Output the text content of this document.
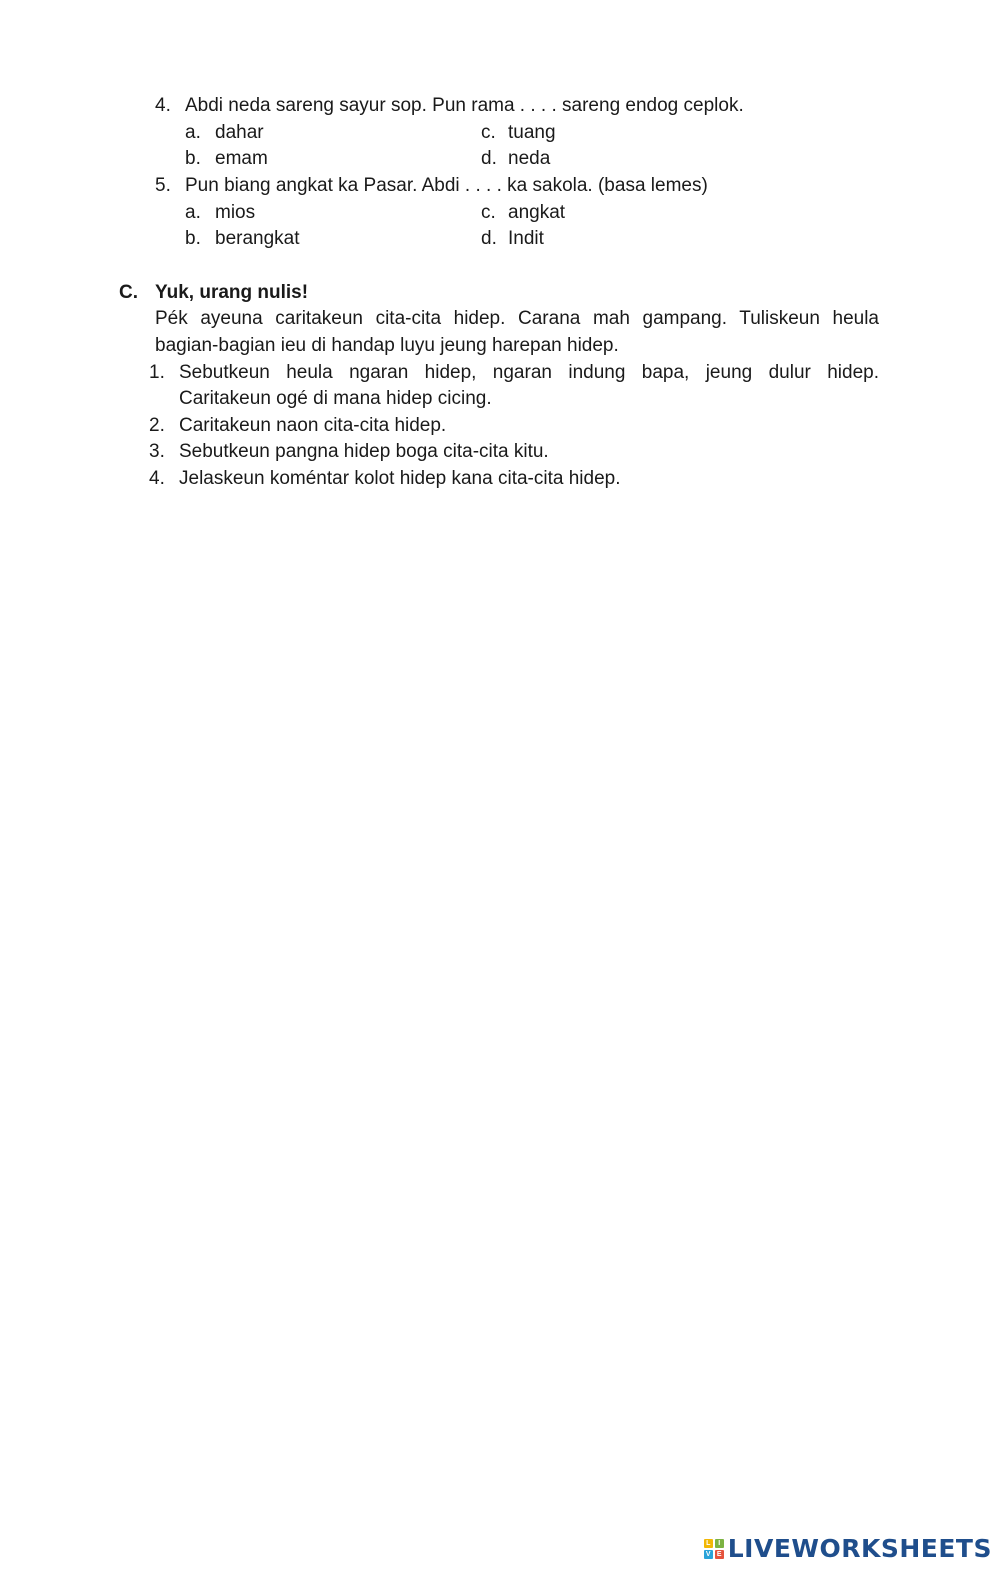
4. Abdi neda sareng sayur sop. Pun rama . . . . sareng endog ceplok.
a. dahar
b. emam
c. tuang
d. neda
5. Pun biang angkat ka Pasar. Abdi . . . . ka sakola. (basa lemes)
a. mios
b. berangkat
c. angkat
d. Indit
C. Yuk, urang nulis!
Pék ayeuna caritakeun cita-cita hidep. Carana mah gampang. Tuliskeun heula
bagian-bagian ieu di handap luyu jeung harepan hidep.
1. Sebutkeun heula ngaran hidep, ngaran indung bapa, jeung dulur hidep.
Caritakeun ogé di mana hidep cicing.
2. Caritakeun naon cita-cita hidep.
3. Sebutkeun pangna hidep boga cita-cita kitu.
4. Jelaskeun koméntar kolot hidep kana cita-cita hidep.
L	I
V E LIVEWORKSHEETS
